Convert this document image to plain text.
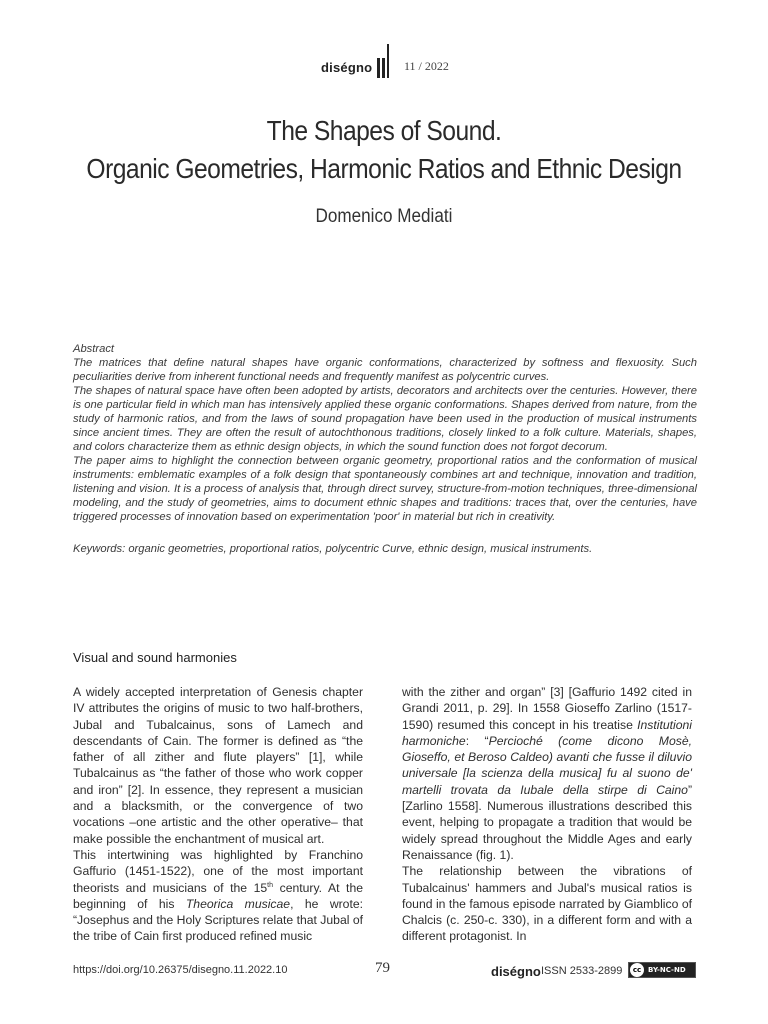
diségno	11 / 2022
The Shapes of Sound.
Organic Geometries, Harmonic Ratios and Ethnic Design
Domenico Mediati

Abstract

The matrices that define natural shapes have organic conformations, characterized by softness and flexuosity. Such peculiarities derive from inherent functional needs and frequently manifest as polycentric curves.

The shapes of natural space have often been adopted by artists, decorators and architects over the centuries. However, there is one particular field in which man has intensively applied these organic conformations. Shapes derived from nature, from the study of harmonic ratios, and from the laws of sound propagation have been used in the production of musical instruments since ancient times. They are often the result of autochthonous traditions, closely linked to a folk culture. Materials, shapes, and colors characterize them as ethnic design objects, in which the sound function does not forgot decorum.

The paper aims to highlight the connection between organic geometry, proportional ratios and the conformation of musical instruments: emblematic examples of a folk design that spontaneously combines art and technique, innovation and tradition, listening and vision. It is a process of analysis that, through direct survey, structure-from-motion techniques, three-dimensional modeling, and the study of geometries, aims to document ethnic shapes and traditions: traces that, over the centuries, have triggered processes of innovation based on experimentation 'poor' in material but rich in creativity.

Keywords: organic geometries, proportional ratios, polycentric Curve, ethnic design, musical instruments.

Visual and sound harmonies

A widely accepted interpretation of Genesis chapter IV attributes the origins of music to two half-brothers, Jubal and Tubalcainus, sons of Lamech and descendants of Cain. The former is defined as “the father of all zither and flute players” [1], while Tubalcainus as “the father of those who work copper and iron” [2]. In essence, they represent a musician and a blacksmith, or the convergence of two vocations –one artistic and the other operative– that make possible the enchantment of musical art.

This intertwining was highlighted by Franchino Gaffurio (1451-1522), one of the most important theorists and musicians of the 15th century. At the beginning of his Theorica musicae, he wrote: “Josephus and the Holy Scriptures relate that Jubal of the tribe of Cain first produced refined music

with the zither and organ” [3] [Gaffurio 1492 cited in Grandi 2011, p. 29]. In 1558 Gioseffo Zarlino (1517-1590) resumed this concept in his treatise Institutioni harmoniche: “Percioché (come dicono Mosè, Gioseffo, et Beroso Caldeo) avanti che fusse il diluvio universale [la scienza della musica] fu al suono de' martelli trovata da Iubale della stirpe di Caino” [Zarlino 1558]. Numerous illustrations described this event, helping to propagate a tradition that would be widely spread throughout the Middle Ages and early Renaissance (fig. 1).

The relationship between the vibrations of Tubalcainus' hammers and Jubal's musical ratios is found in the famous episode narrated by Giamblico of Chalcis (c. 250-c. 330), in a different form and with a different protagonist. In

https://doi.org/10.26375/disegno.11.2022.10	79	diségno ISSN 2533-2899	cc BY-NC-ND
